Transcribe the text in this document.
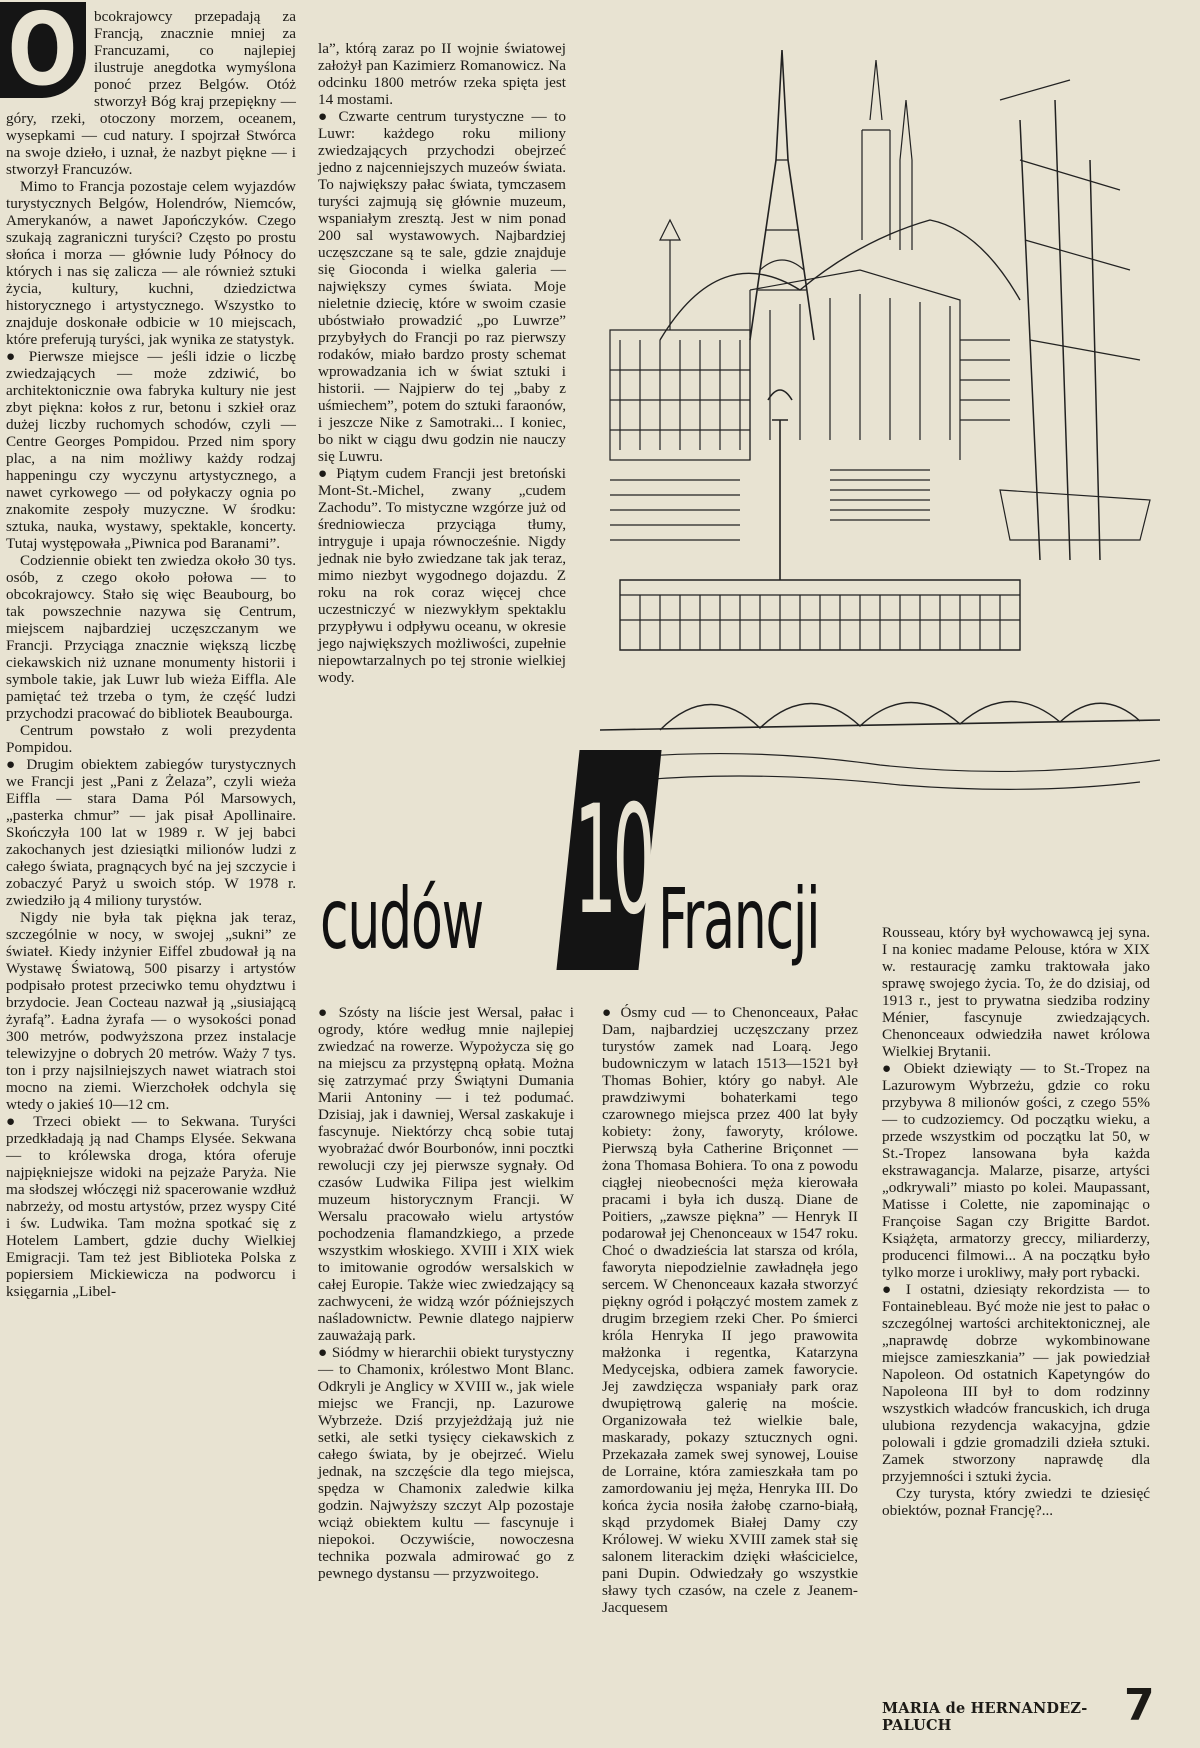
O	bcokrajowcy przepadają za Francją, znacznie mniej za Francuzami, co najlepiej ilustruje anegdotka wymyślona ponoć przez Belgów. Otóż stworzył Bóg kraj przepiękny — góry, rzeki, otoczony morzem, oceanem, wysepkami — cud natury. I spojrzał Stwórca na swoje dzieło, i uznał, że nazbyt piękne — i stworzył Francuzów.

Mimo to Francja pozostaje celem wyjazdów turystycznych Belgów, Holendrów, Niemców, Amerykanów, a nawet Japończyków. Czego szukają zagraniczni turyści? Często po prostu słońca i morza — głównie ludy Północy do których i nas się zalicza — ale również sztuki życia, kultury, kuchni, dziedzictwa historycznego i artystycznego. Wszystko to znajduje doskonałe odbicie w 10 miejscach, które preferują turyści, jak wynika ze statystyk.

● Pierwsze miejsce — jeśli idzie o liczbę zwiedzających — może zdziwić, bo architektonicznie owa fabryka kultury nie jest zbyt piękna: kołos z rur, betonu i szkieł oraz dużej liczby ruchomych schodów, czyli — Centre Georges Pompidou. Przed nim spory plac, a na nim możliwy każdy rodzaj happeningu czy wyczynu artystycznego, a nawet cyrkowego — od połykaczy ognia po znakomite zespoły muzyczne. W środku: sztuka, nauka, wystawy, spektakle, koncerty. Tutaj występowała „Piwnica pod Baranami”.

Codziennie obiekt ten zwiedza około 30 tys. osób, z czego około połowa — to obcokrajowcy. Stało się więc Beaubourg, bo tak powszechnie nazywa się Centrum, miejscem najbardziej uczęszczanym we Francji. Przyciąga znacznie większą liczbę ciekawskich niż uznane monumenty historii i symbole takie, jak Luwr lub wieża Eiffla. Ale pamiętać też trzeba o tym, że część ludzi przychodzi pracować do bibliotek Beaubourga.

Centrum powstało z woli prezydenta Pompidou.

● Drugim obiektem zabiegów turystycznych we Francji jest „Pani z Żelaza”, czyli wieża Eiffla — stara Dama Pól Marsowych, „pasterka chmur” — jak pisał Apollinaire. Skończyła 100 lat w 1989 r. W jej babci zakochanych jest dziesiątki milionów ludzi z całego świata, pragnących być na jej szczycie i zobaczyć Paryż u swoich stóp. W 1978 r. zwiedziło ją 4 miliony turystów.

Nigdy nie była tak piękna jak teraz, szczególnie w nocy, w swojej „sukni” ze świateł. Kiedy inżynier Eiffel zbudował ją na Wystawę Światową, 500 pisarzy i artystów podpisało protest przeciwko temu ohydztwu i brzydocie. Jean Cocteau nazwał ją „siusiającą żyrafą”. Ładna żyrafa — o wysokości ponad 300 metrów, podwyższona przez instalacje telewizyjne o dobrych 20 metrów. Waży 7 tys. ton i przy najsilniejszych nawet wiatrach stoi mocno na ziemi. Wierzchołek odchyla się wtedy o jakieś 10—12 cm.

● Trzeci obiekt — to Sekwana. Turyści przedkładają ją nad Champs Elysée. Sekwana — to królewska droga, która oferuje najpiękniejsze widoki na pejzaże Paryża. Nie ma słodszej włóczęgi niż spacerowanie wzdłuż nabrzeży, od mostu artystów, przez wyspy Cité i św. Ludwika. Tam można spotkać się z Hotelem Lambert, gdzie duchy Wielkiej Emigracji. Tam też jest Biblioteka Polska z popiersiem Mickiewicza na podworcu i księgarnia „Libel-

la”, którą zaraz po II wojnie światowej założył pan Kazimierz Romanowicz. Na odcinku 1800 metrów rzeka spięta jest 14 mostami.

● Czwarte centrum turystyczne — to Luwr: każdego roku miliony zwiedzających przychodzi obejrzeć jedno z najcenniejszych muzeów świata. To największy pałac świata, tymczasem turyści zajmują się głównie muzeum, wspaniałym zresztą. Jest w nim ponad 200 sal wystawowych. Najbardziej uczęszczane są te sale, gdzie znajduje się Gioconda i wielka galeria — największy cymes świata. Moje nieletnie dziecię, które w swoim czasie ubóstwiało prowadzić „po Luwrze” przybyłych do Francji po raz pierwszy rodaków, miało bardzo prosty schemat wprowadzania ich w świat sztuki i historii. — Najpierw do tej „baby z uśmiechem”, potem do sztuki faraonów, i jeszcze Nike z Samotraki... I koniec, bo nikt w ciągu dwu godzin nie nauczy się Luwru.

● Piątym cudem Francji jest bretoński Mont-St.-Michel, zwany „cudem Zachodu”. To mistyczne wzgórze już od średniowiecza przyciąga tłumy, intryguje i upaja równocześnie. Nigdy jednak nie było zwiedzane tak jak teraz, mimo niezbyt wygodnego dojazdu. Z roku na rok coraz więcej chce uczestniczyć w niezwykłym spektaklu przypływu i odpływu oceanu, w okresie jego największych możliwości, zupełnie niepowtarzalnych po tej stronie wielkiej wody.

cudów 10 Francji

● Szósty na liście jest Wersal, pałac i ogrody, które według mnie najlepiej zwiedzać na rowerze. Wypożycza się go na miejscu za przystępną opłatą. Można się zatrzymać przy Świątyni Dumania Marii Antoniny — i też podumać. Dzisiaj, jak i dawniej, Wersal zaskakuje i fascynuje. Niektórzy chcą sobie tutaj wyobrażać dwór Bourbonów, inni pocztki rewolucji czy jej pierwsze sygnały. Od czasów Ludwika Filipa jest wielkim muzeum historycznym Francji. W Wersalu pracowało wielu artystów pochodzenia flamandzkiego, a przede wszystkim włoskiego. XVIII i XIX wiek to imitowanie ogrodów wersalskich w całej Europie. Także wiec zwiedzający są zachwyceni, że widzą wzór późniejszych naśladownictw. Pewnie dlatego najpierw zauważają park.

● Siódmy w hierarchii obiekt turystyczny — to Chamonix, królestwo Mont Blanc. Odkryli je Anglicy w XVIII w., jak wiele miejsc we Francji, np. Lazurowe Wybrzeże. Dziś przyjeżdżają już nie setki, ale setki tysięcy ciekawskich z całego świata, by je obejrzeć. Wielu jednak, na szczęście dla tego miejsca, spędza w Chamonix zaledwie kilka godzin. Najwyższy szczyt Alp pozostaje wciąż obiektem kultu — fascynuje i niepokoi. Oczywiście, nowoczesna technika pozwala admirować go z pewnego dystansu — przyzwoitego.

● Ósmy cud — to Chenonceaux, Pałac Dam, najbardziej uczęszczany przez turystów zamek nad Loarą. Jego budowniczym w latach 1513—1521 był Thomas Bohier, który go nabył. Ale prawdziwymi bohaterkami tego czarownego miejsca przez 400 lat były kobiety: żony, faworyty, królowe. Pierwszą była Catherine Briçonnet — żona Thomasa Bohiera. To ona z powodu ciągłej nieobecności męża kierowała pracami i była ich duszą. Diane de Poitiers, „zawsze piękna” — Henryk II podarował jej Chenonceaux w 1547 roku. Choć o dwadzieścia lat starsza od króla, faworyta niepodzielnie zawładnęła jego sercem. W Chenonceaux kazała stworzyć piękny ogród i połączyć mostem zamek z drugim brzegiem rzeki Cher. Po śmierci króla Henryka II jego prawowita małżonka i regentka, Katarzyna Medycejska, odbiera zamek faworycie. Jej zawdzięcza wspaniały park oraz dwupiętrową galerię na moście. Organizowała też wielkie bale, maskarady, pokazy sztucznych ogni. Przekazała zamek swej synowej, Louise de Lorraine, która zamieszkała tam po zamordowaniu jej męża, Henryka III. Do końca życia nosiła żałobę czarno-białą, skąd przydomek Białej Damy czy Królowej. W wieku XVIII zamek stał się salonem literackim dzięki właścicielce, pani Dupin. Odwiedzały go wszystkie sławy tych czasów, na czele z Jeanem-Jacquesem

Rousseau, który był wychowawcą jej syna. I na koniec madame Pelouse, która w XIX w. restaurację zamku traktowała jako sprawę swojego życia. To, że do dzisiaj, od 1913 r., jest to prywatna siedziba rodziny Ménier, fascynuje zwiedzających. Chenonceaux odwiedziła nawet królowa Wielkiej Brytanii.

● Obiekt dziewiąty — to St.-Tropez na Lazurowym Wybrzeżu, gdzie co roku przybywa 8 milionów gości, z czego 55% — to cudzoziemcy. Od początku wieku, a przede wszystkim od początku lat 50, w St.-Tropez lansowana była każda ekstrawagancja. Malarze, pisarze, artyści „odkrywali” miasto po kolei. Maupassant, Matisse i Colette, nie zapominając o Françoise Sagan czy Brigitte Bardot. Książęta, armatorzy greccy, miliarderzy, producenci filmowi... A na początku było tylko morze i urokliwy, mały port rybacki.

● I ostatni, dziesiąty rekordzista — to Fontainebleau. Być może nie jest to pałac o szczególnej wartości architektonicznej, ale „naprawdę dobrze wykombinowane miejsce zamieszkania” — jak powiedział Napoleon. Od ostatnich Kapetyngów do Napoleona III był to dom rodzinny wszystkich władców francuskich, ich druga ulubiona rezydencja wakacyjna, gdzie polowali i gdzie gromadzili dzieła sztuki. Zamek stworzony naprawdę dla przyjemności i sztuki życia.

Czy turysta, który zwiedzi te dziesięć obiektów, poznał Francję?...

MARIA de HERNANDEZ-PALUCH	7
